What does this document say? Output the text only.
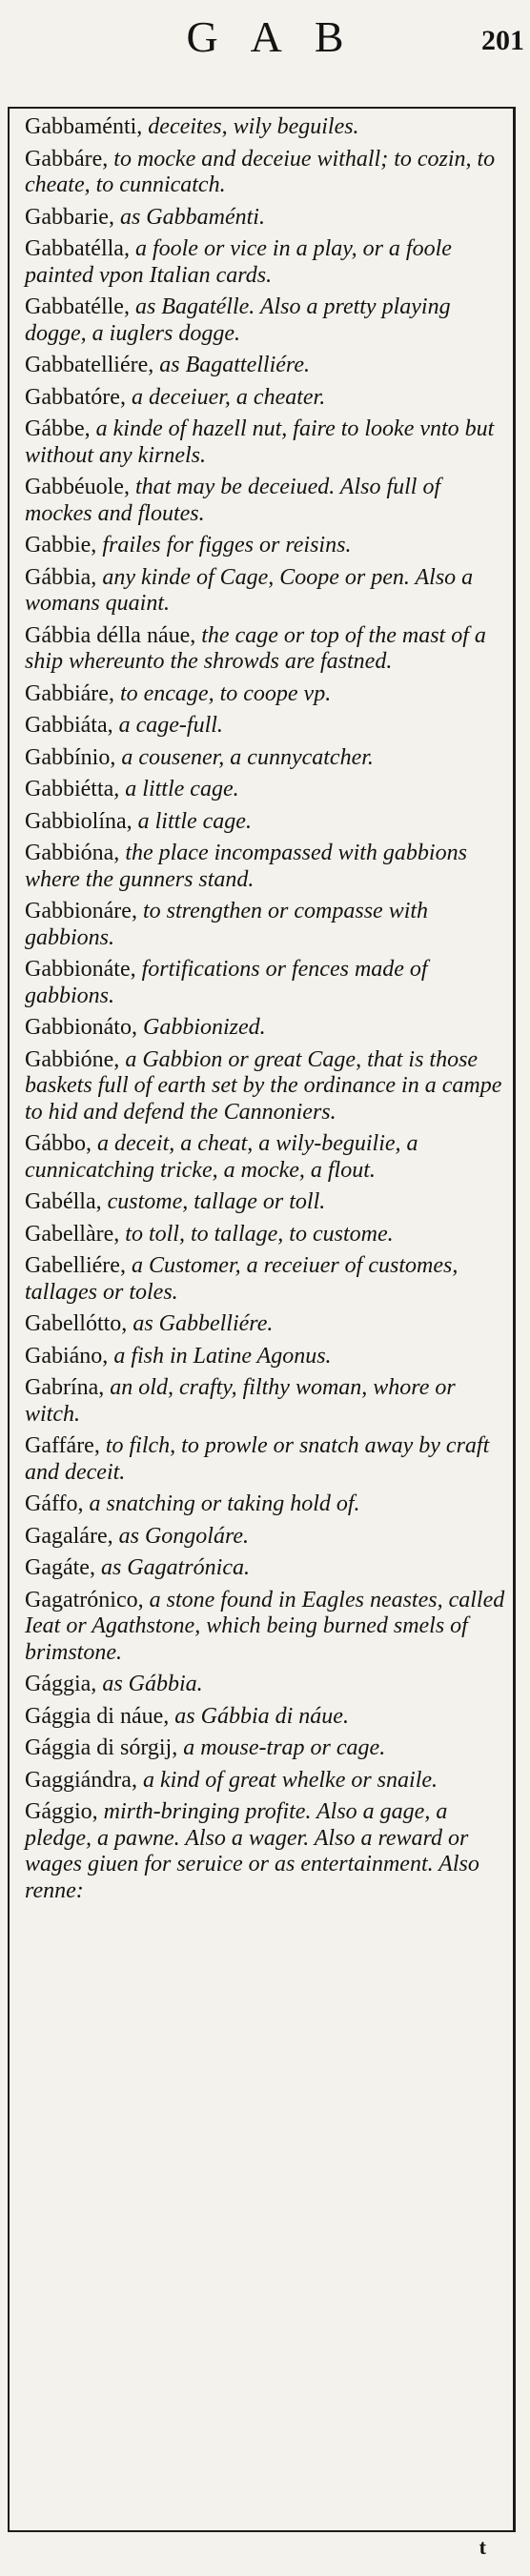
GAB	201
Gabbaménti, deceites, wily beguiles.
Gabbáre, to mocke and deceiue withall; to cozin, to cheate, to cunnicatch.
Gabbarie, as Gabbaménti.
Gabbatélla, a foole or vice in a play, or a foole painted vpon Italian cards.
Gabbatélle, as Bagatélle. Also a pretty playing dogge, a iuglers dogge.
Gabbatelliére, as Bagattelliére.
Gabbatóre, a deceiuer, a cheater.
Gábbe, a kinde of hazell nut, faire to looke vnto but without any kirnels.
Gabbéuole, that may be deceiued. Also full of mockes and floutes.
Gabbie, frailes for figges or reisins.
Gábbia, any kinde of Cage, Coope or pen. Also a womans quaint.
Gábbia délla náue, the cage or top of the mast of a ship whereunto the shrowds are fastned.
Gabbiáre, to encage, to coope vp.
Gabbiáta, a cage-full.
Gabbínio, a cousener, a cunnycatcher.
Gabbiétta, a little cage.
Gabbiolína, a little cage.
Gabbióna, the place incompassed with gabbions where the gunners stand.
Gabbionáre, to strengthen or compasse with gabbions.
Gabbionáte, fortifications or fences made of gabbions.
Gabbionáto, Gabbionized.
Gabbióne, a Gabbion or great Cage, that is those baskets full of earth set by the ordinance in a campe to hid and defend the Cannoniers.
Gábbo, a deceit, a cheat, a wily-beguilie, a cunnicatching tricke, a mocke, a flout.
Gabélla, custome, tallage or toll.
Gabellàre, to toll, to tallage, to custome.
Gabelliére, a Customer, a receiuer of customes, tallages or toles.
Gabellótto, as Gabbelliére.
Gabiáno, a fish in Latine Agonus.
Gabrína, an old, crafty, filthy woman, whore or witch.
Gaffáre, to filch, to prowle or snatch away by craft and deceit.
Gáffo, a snatching or taking hold of.
Gagaláre, as Gongoláre.
Gagáte, as Gagatrónica.
Gagatrónico, a stone found in Eagles neastes, called Ieat or Agathstone, which being burned smels of brimstone.
Gággia, as Gábbia.
Gággia di náue, as Gábbia di náue.
Gággia di sórgij, a mouse-trap or cage.
Gaggiándra, a kind of great whelke or snaile.
Gággio, mirth-bringing profite. Also a gage, a pledge, a pawne. Also a wager. Also a reward or wages giuen for seruice or as entertainment. Also renne:
t
